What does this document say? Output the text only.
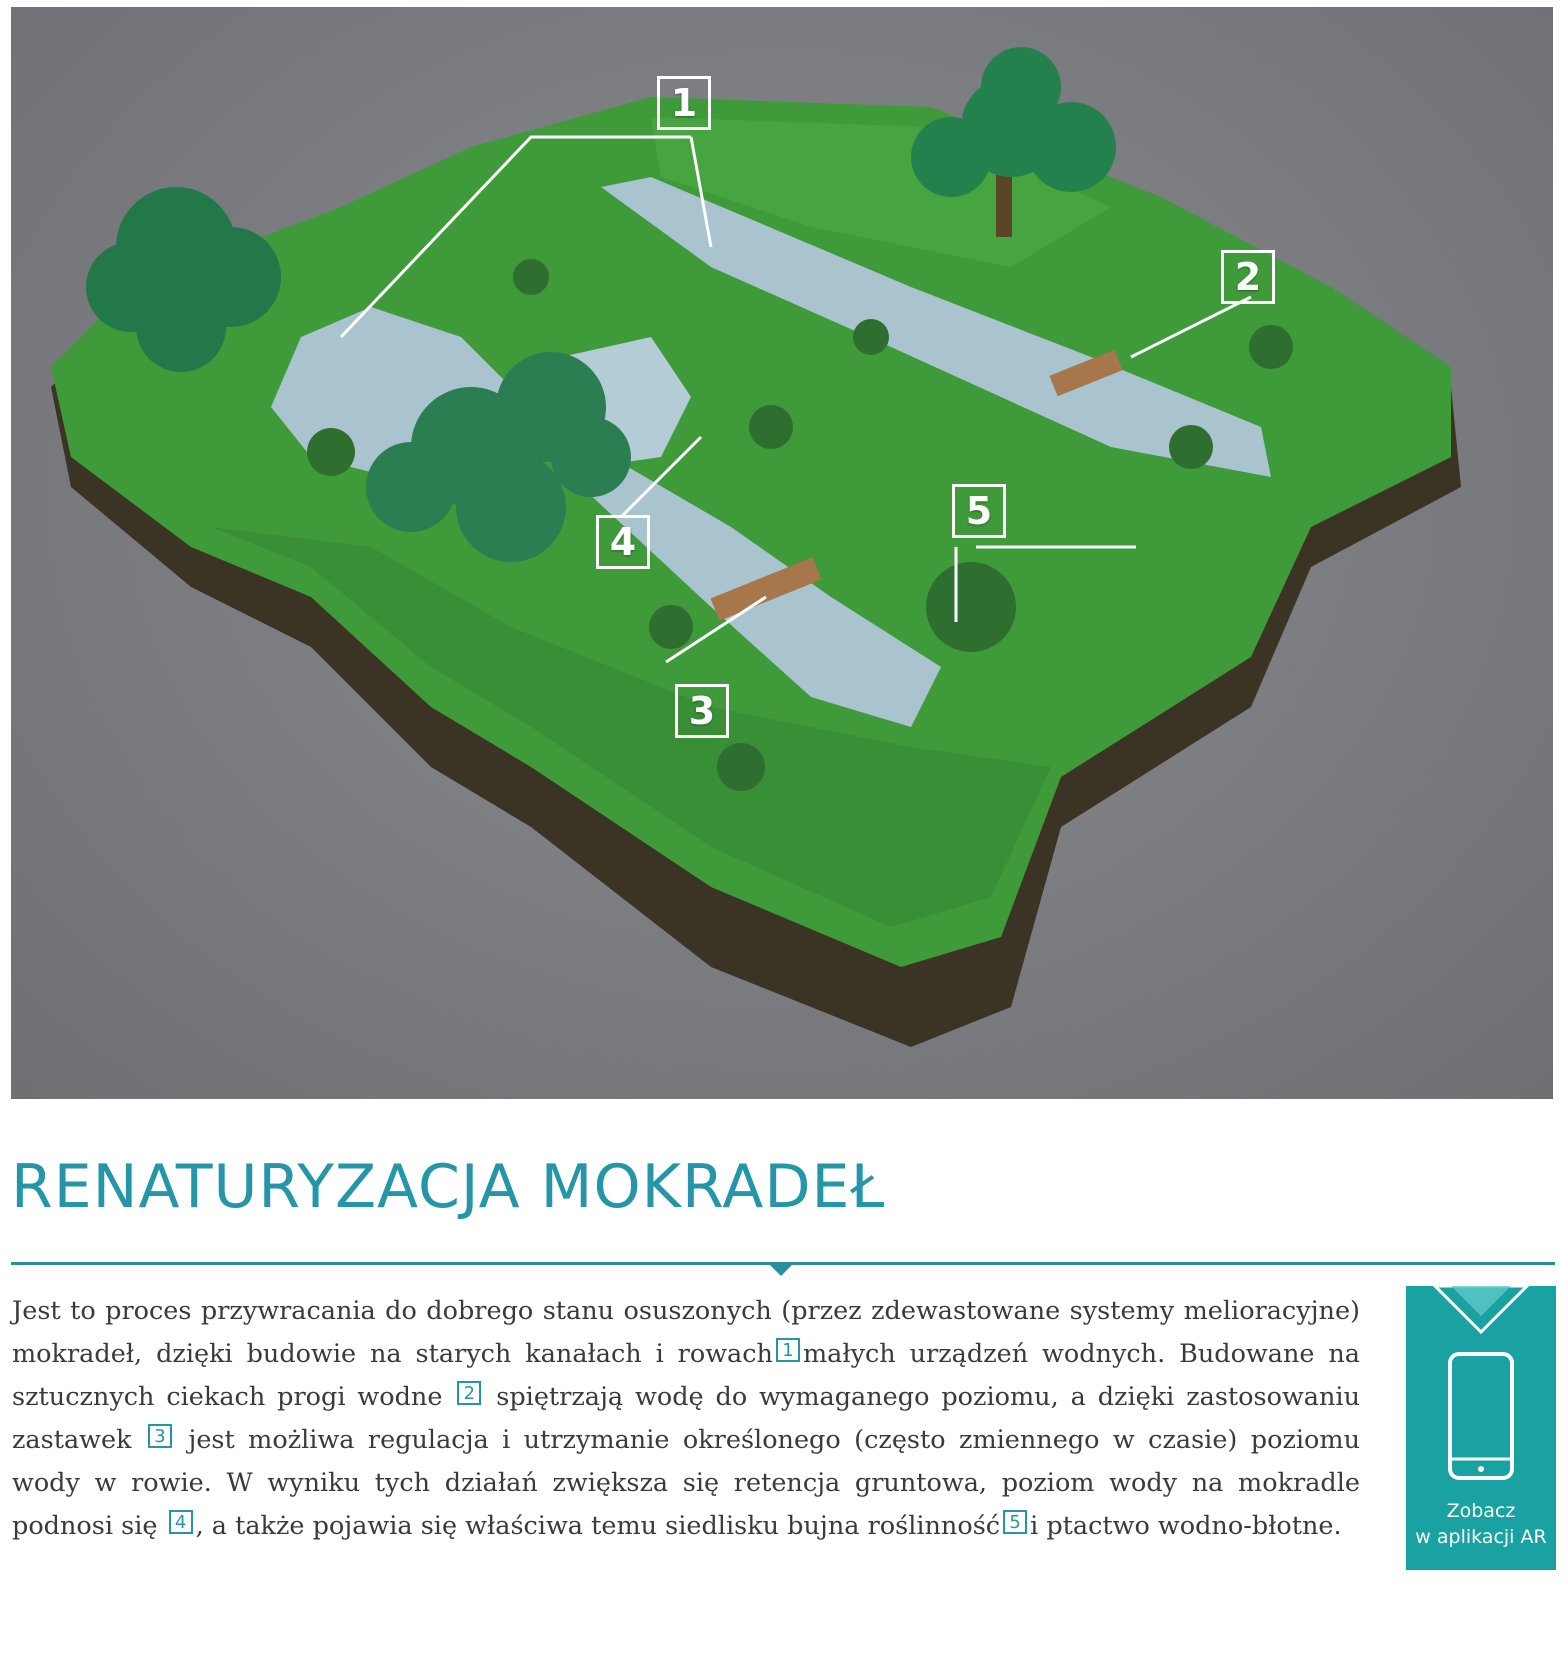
1
2
3
4
5
RENATURYZACJA MOKRADEŁ

Jest to proces przywracania do dobrego stanu osuszonych (przez zdewastowane systemy melioracyjne) mokradeł, dzięki budowie na starych kanałach i rowach 1 małych urządzeń wodnych. Budowane na sztucznych ciekach progi wodne 2 spiętrzają wodę do wymaganego poziomu, a dzięki zastosowaniu zastawek 3 jest możliwa regulacja i utrzymanie określonego (często zmiennego w czasie) poziomu wody w rowie. W wyniku tych działań zwiększa się retencja gruntowa, poziom wody na mokradle podnosi się 4 , a także pojawia się właściwa temu siedlisku bujna roślinność 5 i ptactwo wodno-błotne.	Zobacz
w aplikacji AR
